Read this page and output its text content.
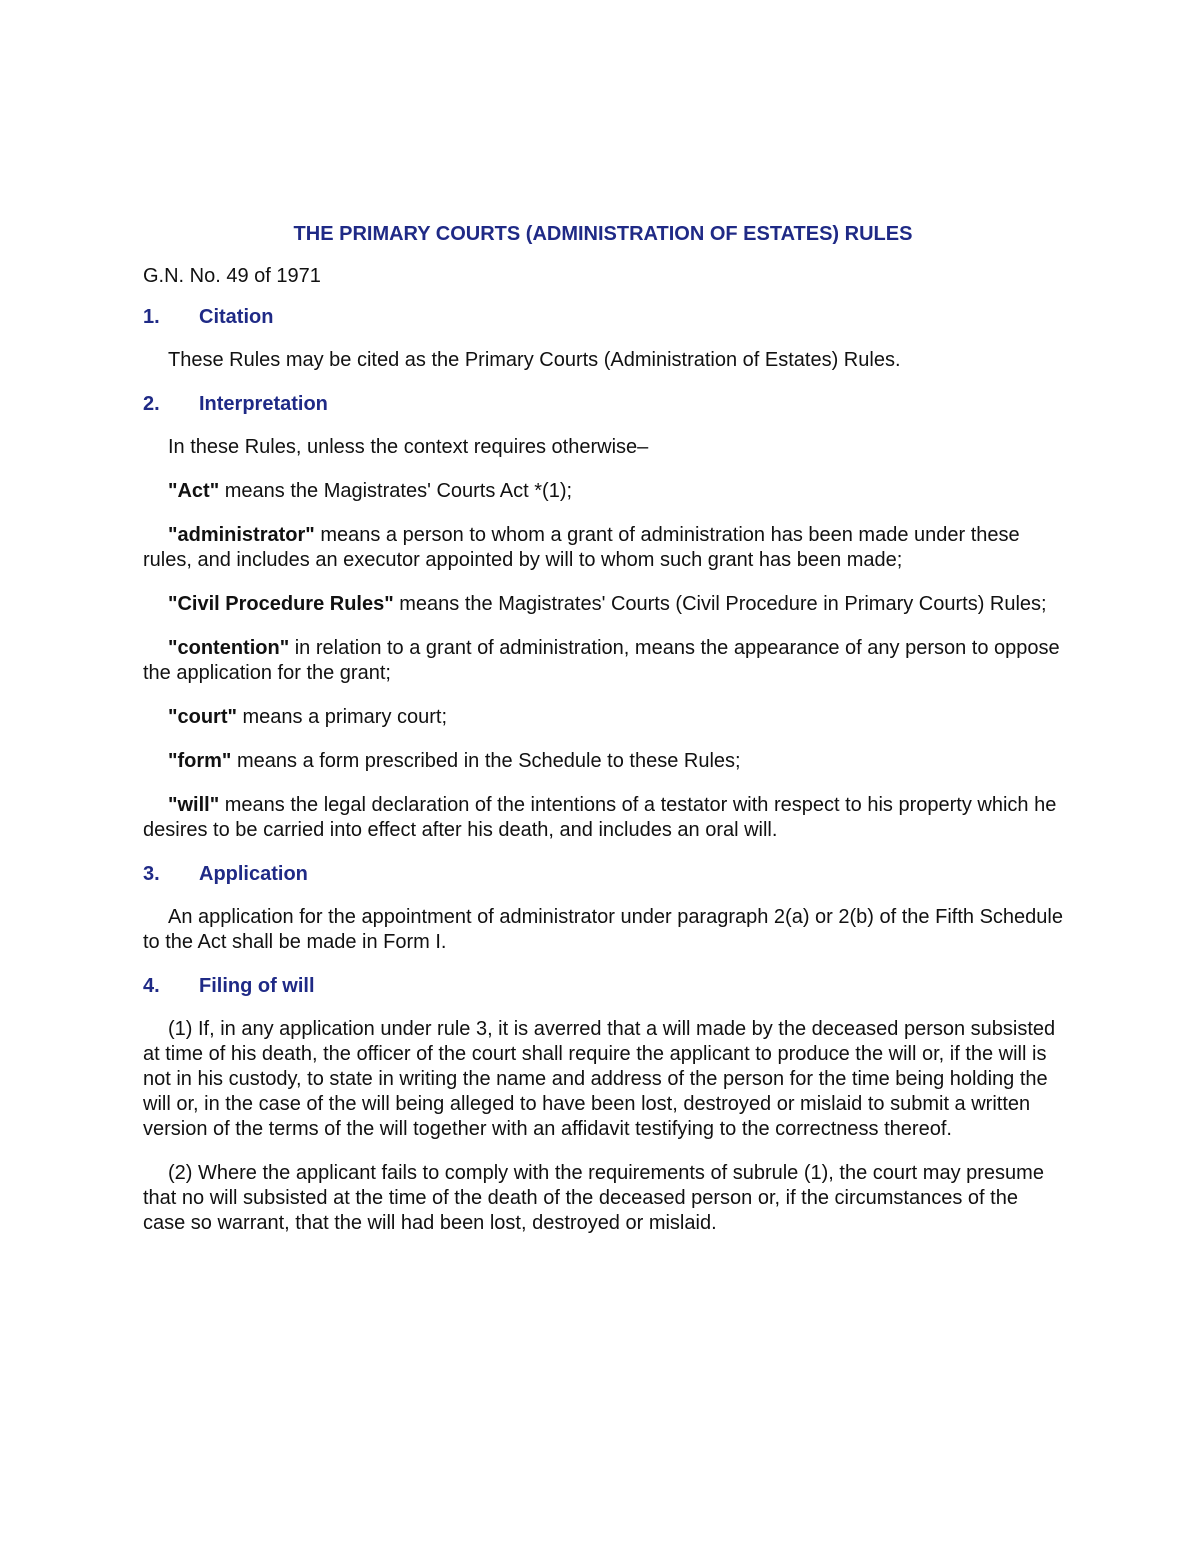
THE PRIMARY COURTS (ADMINISTRATION OF ESTATES) RULES
G.N. No. 49 of 1971
1.	Citation
These Rules may be cited as the Primary Courts (Administration of Estates) Rules.
2.	Interpretation
In these Rules, unless the context requires otherwise–
"Act" means the Magistrates' Courts Act *(1);
"administrator" means a person to whom a grant of administration has been made under these rules, and includes an executor appointed by will to whom such grant has been made;
"Civil Procedure Rules" means the Magistrates' Courts (Civil Procedure in Primary Courts) Rules;
"contention" in relation to a grant of administration, means the appearance of any person to oppose the application for the grant;
"court" means a primary court;
"form" means a form prescribed in the Schedule to these Rules;
"will" means the legal declaration of the intentions of a testator with respect to his property which he desires to be carried into effect after his death, and includes an oral will.
3.	Application
An application for the appointment of administrator under paragraph 2(a) or 2(b) of the Fifth Schedule to the Act shall be made in Form I.
4.	Filing of will
(1) If, in any application under rule 3, it is averred that a will made by the deceased person subsisted at time of his death, the officer of the court shall require the applicant to produce the will or, if the will is not in his custody, to state in writing the name and address of the person for the time being holding the will or, in the case of the will being alleged to have been lost, destroyed or mislaid to submit a written version of the terms of the will together with an affidavit testifying to the correctness thereof.
(2) Where the applicant fails to comply with the requirements of subrule (1), the court may presume that no will subsisted at the time of the death of the deceased person or, if the circumstances of the case so warrant, that the will had been lost, destroyed or mislaid.
